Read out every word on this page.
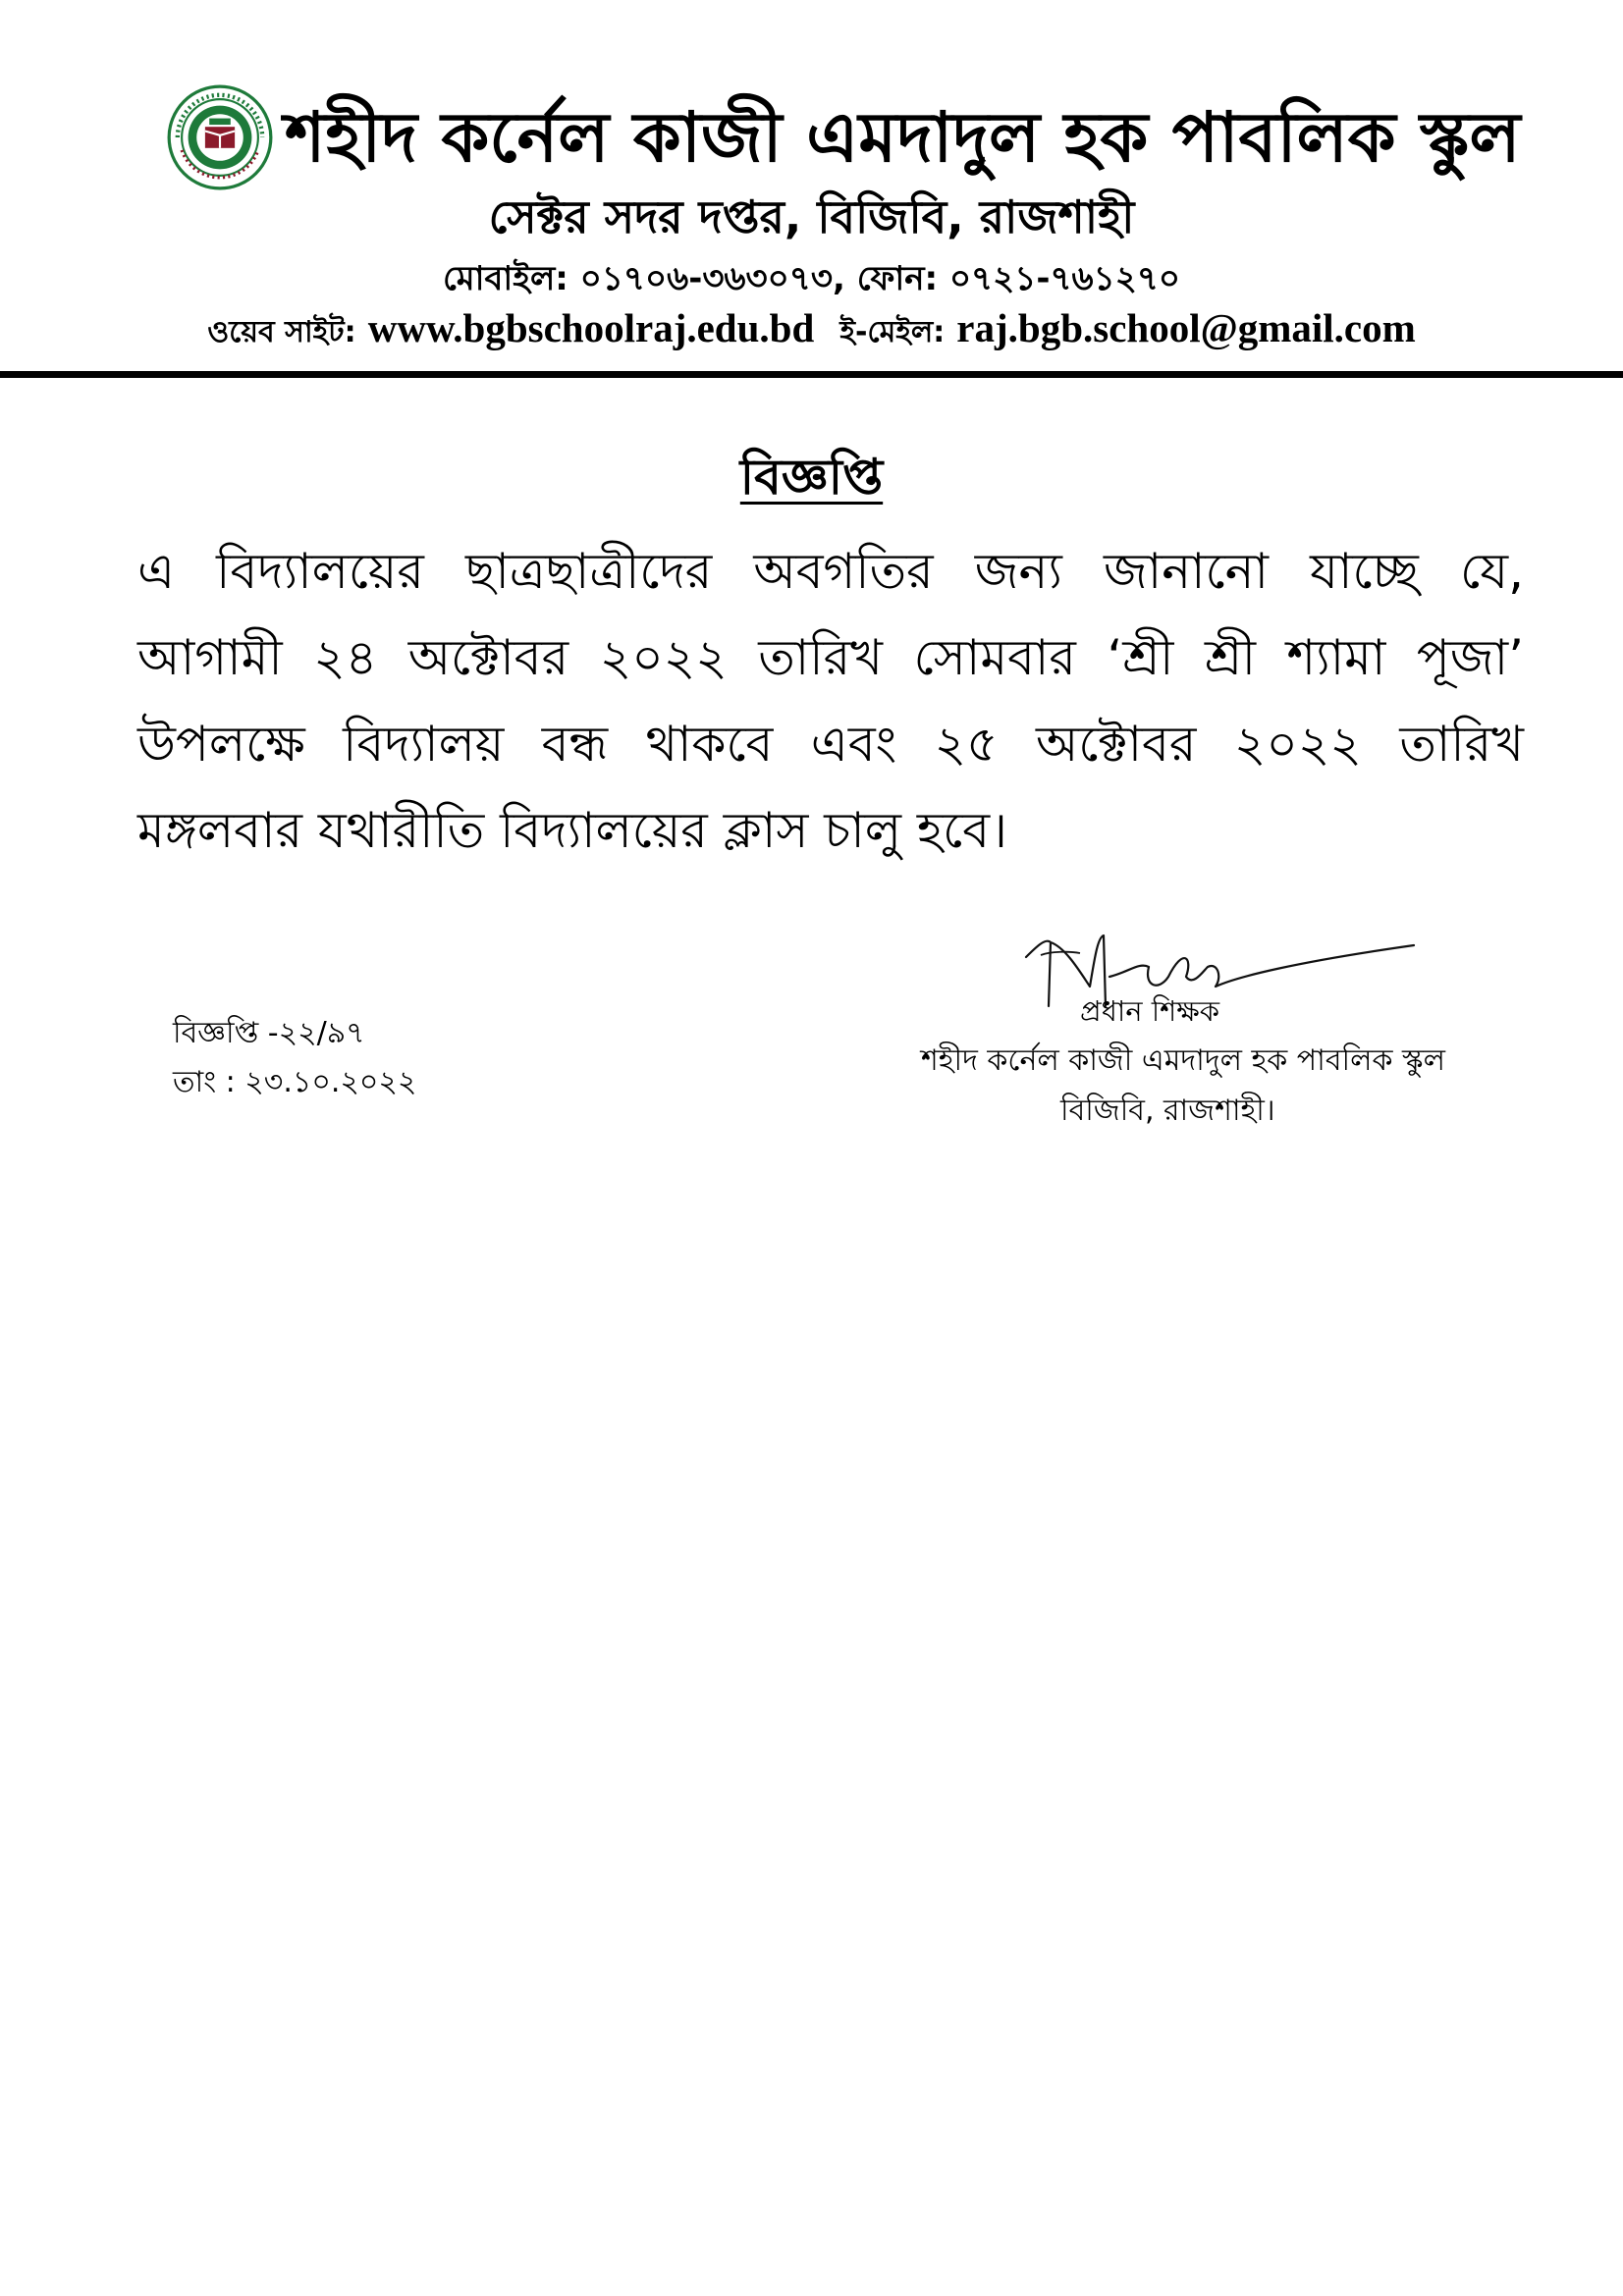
শহীদ কর্নেল কাজী এমদাদুল হক পাবলিক স্কুল
সেক্টর সদর দপ্তর, বিজিবি, রাজশাহী
মোবাইল: ০১৭০৬-৩৬৩০৭৩, ফোন: ০৭২১-৭৬১২৭০
ওয়েব সাইট: www.bgbschoolraj.edu.bd ই-মেইল: raj.bgb.school@gmail.com
বিজ্ঞপ্তি
এ বিদ্যালয়ের ছাত্রছাত্রীদের অবগতির জন্য জানানো যাচ্ছে যে,
আগামী ২৪ অক্টোবর ২০২২ তারিখ সোমবার ‘শ্রী শ্রী শ্যামা পূজা’
উপলক্ষে বিদ্যালয় বন্ধ থাকবে এবং ২৫ অক্টোবর ২০২২ তারিখ
মঙ্গলবার যথারীতি বিদ্যালয়ের ক্লাস চালু হবে।
প্রধান শিক্ষক
শহীদ কর্নেল কাজী এমদাদুল হক পাবলিক স্কুল
বিজিবি, রাজশাহী।
বিজ্ঞপ্তি -২২/৯৭
তাং : ২৩.১০.২০২২
